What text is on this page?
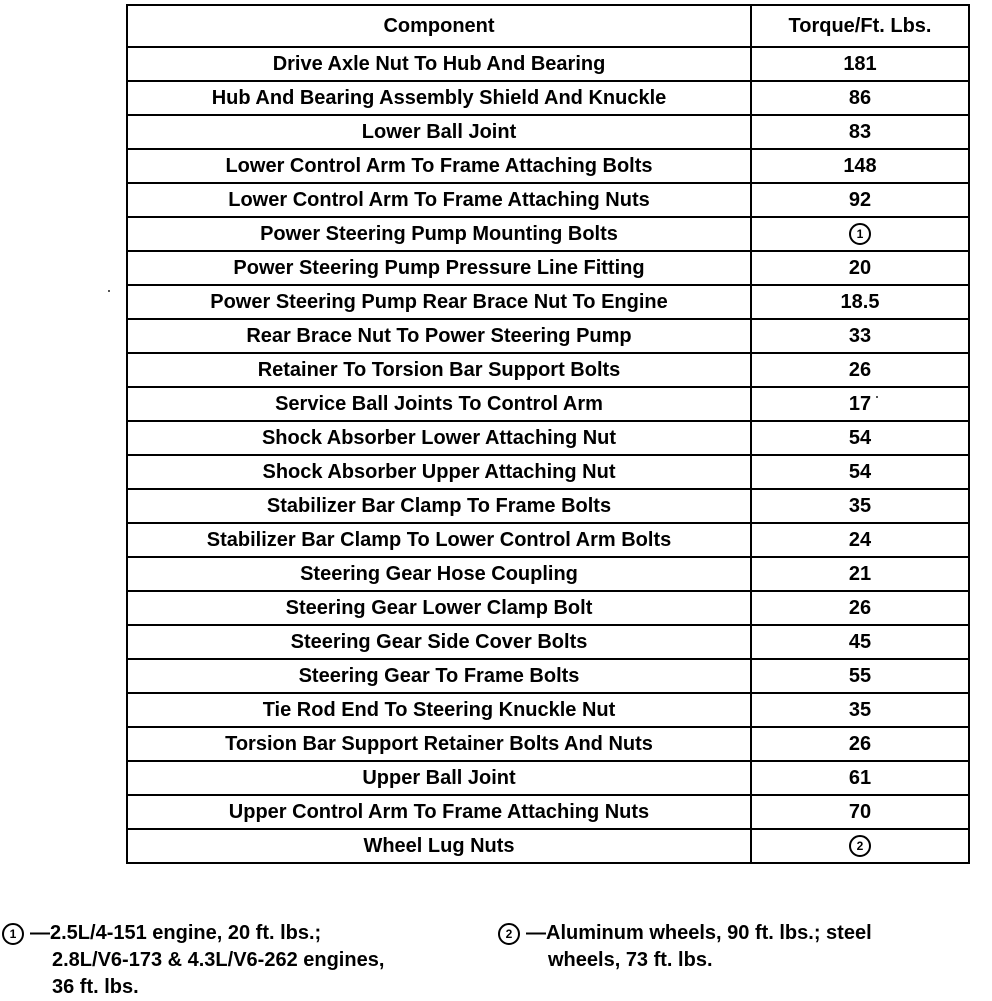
Component	Torque/Ft. Lbs.
Drive Axle Nut To Hub And Bearing	181
Hub And Bearing Assembly Shield And Knuckle	86
Lower Ball Joint	83
Lower Control Arm To Frame Attaching Bolts	148
Lower Control Arm To Frame Attaching Nuts	92
Power Steering Pump Mounting Bolts	1
Power Steering Pump Pressure Line Fitting	20
Power Steering Pump Rear Brace Nut To Engine	18.5
Rear Brace Nut To Power Steering Pump	33
Retainer To Torsion Bar Support Bolts	26
Service Ball Joints To Control Arm	17
Shock Absorber Lower Attaching Nut	54
Shock Absorber Upper Attaching Nut	54
Stabilizer Bar Clamp To Frame Bolts	35
Stabilizer Bar Clamp To Lower Control Arm Bolts	24
Steering Gear Hose Coupling	21
Steering Gear Lower Clamp Bolt	26
Steering Gear Side Cover Bolts	45
Steering Gear To Frame Bolts	55
Tie Rod End To Steering Knuckle Nut	35
Torsion Bar Support Retainer Bolts And Nuts	26
Upper Ball Joint	61
Upper Control Arm To Frame Attaching Nuts	70
Wheel Lug Nuts	2
1 —2.5L/4-151 engine, 20 ft. lbs.;
2.8L/V6-173 & 4.3L/V6-262 engines,
36 ft. lbs.
2 —Aluminum wheels, 90 ft. lbs.; steel
wheels, 73 ft. lbs.
